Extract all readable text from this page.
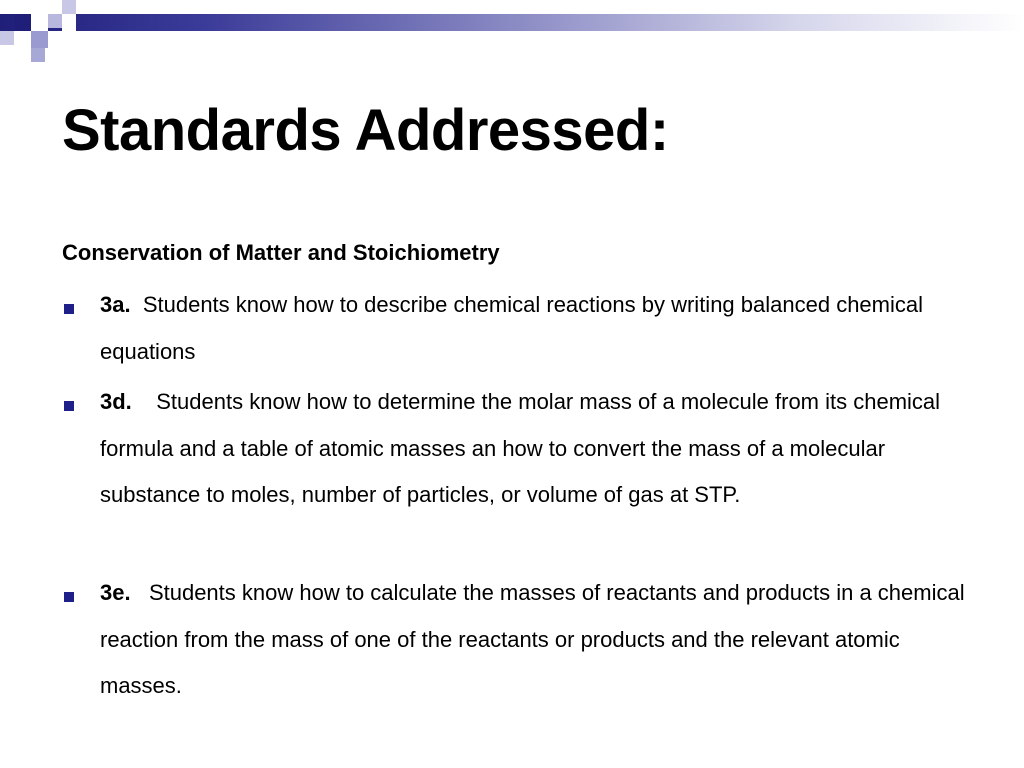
Standards Addressed:

Conservation of Matter and Stoichiometry

3a. Students know how to describe chemical reactions by writing balanced chemical equations
3d. Students know how to determine the molar mass of a molecule from its chemical formula and a table of atomic masses an how to convert the mass of a molecular substance to moles, number of particles, or volume of gas at STP.
3e. Students know how to calculate the masses of reactants and products in a chemical reaction from the mass of one of the reactants or products and the relevant atomic masses.
